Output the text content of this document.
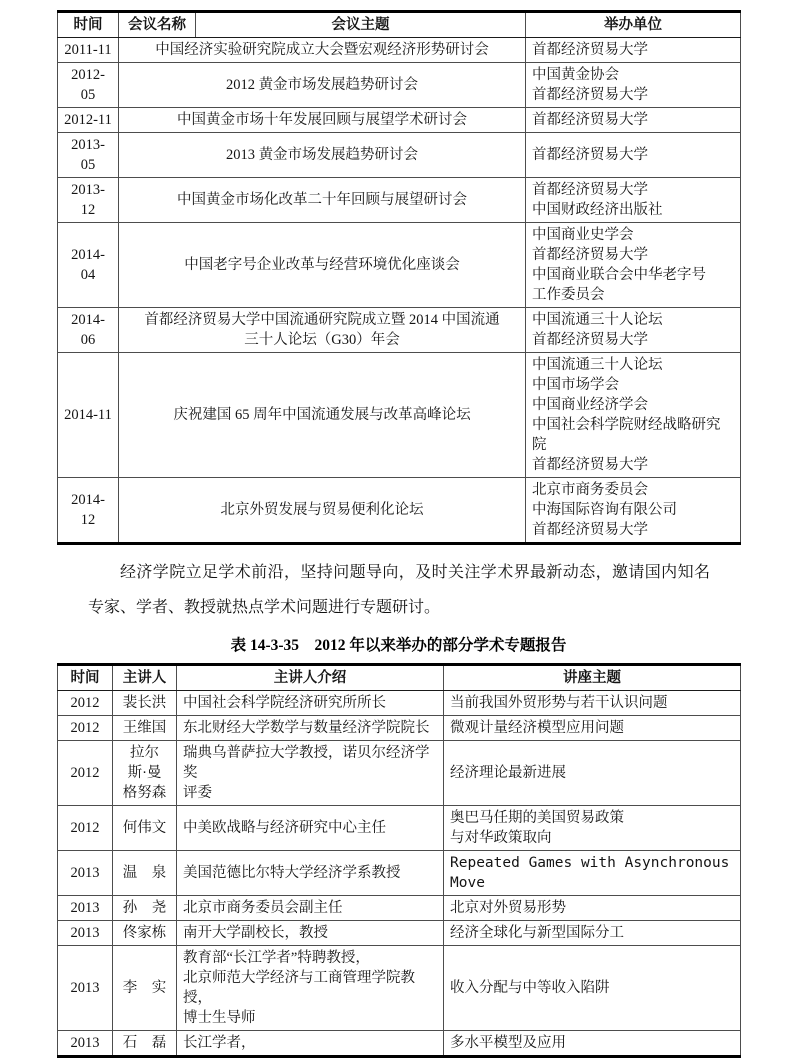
时间	会议名称	会议主题	举办单位
2011-11	中国经济实验研究院成立大会暨宏观经济形势研讨会		首都经济贸易大学

2012-05	2012 黄金市场发展趋势研讨会		中国黄金协会
首都经济贸易大学

2012-11	中国黄金市场十年发展回顾与展望学术研讨会		首都经济贸易大学

2013-05	2013 黄金市场发展趋势研讨会		首都经济贸易大学

2013-12	中国黄金市场化改革二十年回顾与展望研讨会		首都经济贸易大学
中国财政经济出版社

2014-04	中国老字号企业改革与经营环境优化座谈会		中国商业史学会
首都经济贸易大学
中国商业联合会中华老字号
工作委员会

2014-06	首都经济贸易大学中国流通研究院成立暨 2014 中国流通
三十人论坛（G30）年会		中国流通三十人论坛
首都经济贸易大学

2014-11	庆祝建国 65 周年中国流通发展与改革高峰论坛		中国流通三十人论坛
中国市场学会
中国商业经济学会
中国社会科学院财经战略研究院
首都经济贸易大学

2014-12	北京外贸发展与贸易便利化论坛		北京市商务委员会
中海国际咨询有限公司
首都经济贸易大学

经济学院立足学术前沿，坚持问题导向，及时关注学术界最新动态，邀请国内知名专家、学者、教授就热点学术问题进行专题研讨。

表 14-3-35　2012 年以来举办的部分学术专题报告
时间	主讲人	主讲人介绍	讲座主题
2012	裴长洪	中国社会科学院经济研究所所长	当前我国外贸形势与若干认识问题
2012	王维国	东北财经大学数学与数量经济学院院长	微观计量经济模型应用问题
2012	拉尔
斯·曼
格努森	瑞典乌普萨拉大学教授，诺贝尔经济学奖
评委	经济理论最新进展
2012	何伟文	中美欧战略与经济研究中心主任	奥巴马任期的美国贸易政策
与对华政策取向

2013	温　泉	美国范德比尔特大学经济学系教授	Repeated Games with Asynchronous Move
2013	孙　尧	北京市商务委员会副主任	北京对外贸易形势
2013	佟家栋	南开大学副校长，教授	经济全球化与新型国际分工
2013	李　实	教育部“长江学者”特聘教授，
北京师范大学经济与工商管理学院教授，
博士生导师	收入分配与中等收入陷阱
2013	石　磊	长江学者，	多水平模型及应用
